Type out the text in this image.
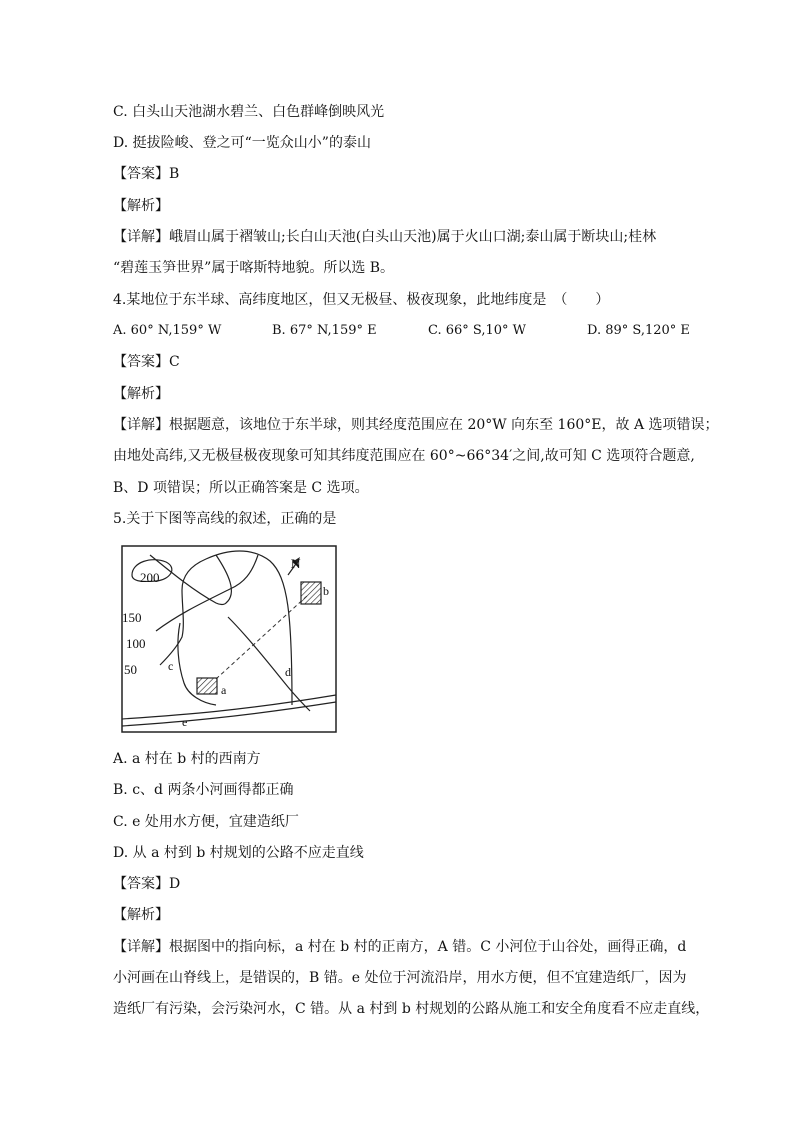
C. 白头山天池湖水碧兰、白色群峰倒映风光
D. 挺拔险峻、登之可“一览众山小”的泰山
【答案】B
【解析】
【详解】峨眉山属于褶皱山;长白山天池(白头山天池)属于火山口湖;泰山属于断块山;桂林
“碧莲玉笋世界”属于喀斯特地貌。所以选 B。
4.某地位于东半球、高纬度地区，但又无极昼、极夜现象，此地纬度是　（　　）
A. 60° N,159° W	B. 67° N,159° E	C. 66° S,10° W	D. 89° S,120° E
【答案】C
【解析】
【详解】根据题意，该地位于东半球，则其经度范围应在 20°W 向东至 160°E，故 A 选项错误；
由地处高纬,又无极昼极夜现象可知其纬度范围应在 60°~66°34′之间,故可知 C 选项符合题意,
B、D 项错误；所以正确答案是 C 选项。
5.关于下图等高线的叙述，正确的是
200
150
100
50
N
a
b
c	d
e
A. a 村在 b 村的西南方
B. c、d 两条小河画得都正确
C. e 处用水方便，宜建造纸厂
D. 从 a 村到 b 村规划的公路不应走直线
【答案】D
【解析】
【详解】根据图中的指向标，a 村在 b 村的正南方，A 错。C 小河位于山谷处，画得正确，d
小河画在山脊线上，是错误的，B 错。e 处位于河流沿岸，用水方便，但不宜建造纸厂，因为
造纸厂有污染，会污染河水，C 错。从 a 村到 b 村规划的公路从施工和安全角度看不应走直线，
